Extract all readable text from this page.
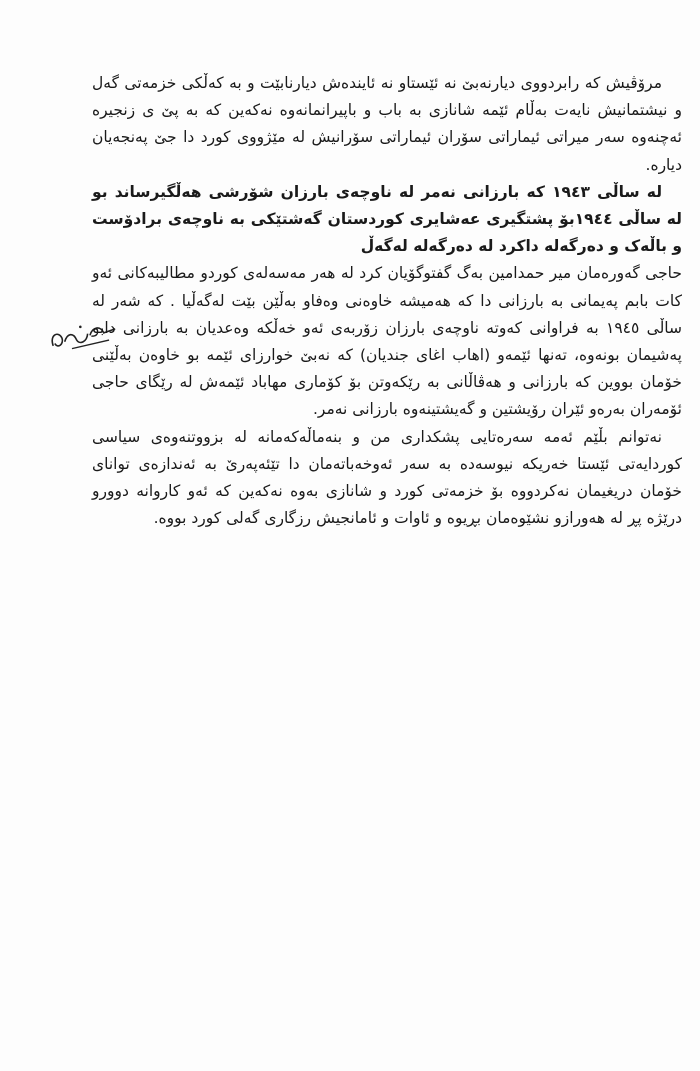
مرۆڤیش کە رابردووی دیارنەبێ نە ئێستاو نە ئایندەش دیارنابێت و بە کەڵکی خزمەتی گەل و نیشتمانیش نایەت بەڵام ئێمە شانازی بە باب و باپیرانمانەوە نەکەین کە بە پێ ی زنجیرە ئەچنەوە سەر میراتی ئیماراتی سۆران ئیماراتی سۆرانیش لە مێژووی کورد دا جێ پەنجەیان دیارە.

لە ساڵی ١٩٤٣ کە بارزانی نەمر لە ناوچەی بارزان شۆرشی هەڵگیرساند بو لە ساڵی ١٩٤٤بۆ پشتگیری عەشایری کوردستان گەشتێکی بە ناوچەی برادۆست و باڵەک و دەرگەلە داکرد لە دەرگەلە لەگەڵ

حاجی گەورەمان میر حمدامین بەگ گفتوگۆیان کرد لە هەر مەسەلەی کوردو مطالیبەکانی ئەو کات بابم پەیمانی بە بارزانی دا کە هەمیشە خاوەنی وەفاو بەڵێن بێت لەگەڵیا . کە شەر لە ساڵی ١٩٤٥ بە فراوانی کەوتە ناوچەی بارزان زۆربەی ئەو خەڵکە وەعدیان بە بارزانی دابو پەشیمان بونەوە، تەنها ئێمەو (اهاب اغای جندیان) کە نەبێ خوارزای ئێمە بو خاوەن بەڵێنی خۆمان بووین کە بارزانی و هەڤاڵانی بە رێکەوتن بۆ کۆماری مهاباد ئێمەش لە رێگای حاجی ئۆمەران بەرەو ئێران رۆیشتین و گەیشتینەوە بارزانی نەمر.

نەتوانم بڵێم ئەمە سەرەتایی پشکداری من و بنەماڵەکەمانە لە بزووتنەوەی سیاسی کوردایەتی ئێستا خەریکە نیوسەدە بە سەر ئەوخەباتەمان دا تێئەپەرێ بە ئەندازەی توانای خۆمان دریغیمان نەکردووە بۆ خزمەتی کورد و شانازی بەوە نەکەین کە ئەو کاروانە دوورو درێژە پڕ لە هەورازو نشێوەمان بڕیوە و ئاوات و ئامانجیش رزگاری گەلی کورد بووە.
